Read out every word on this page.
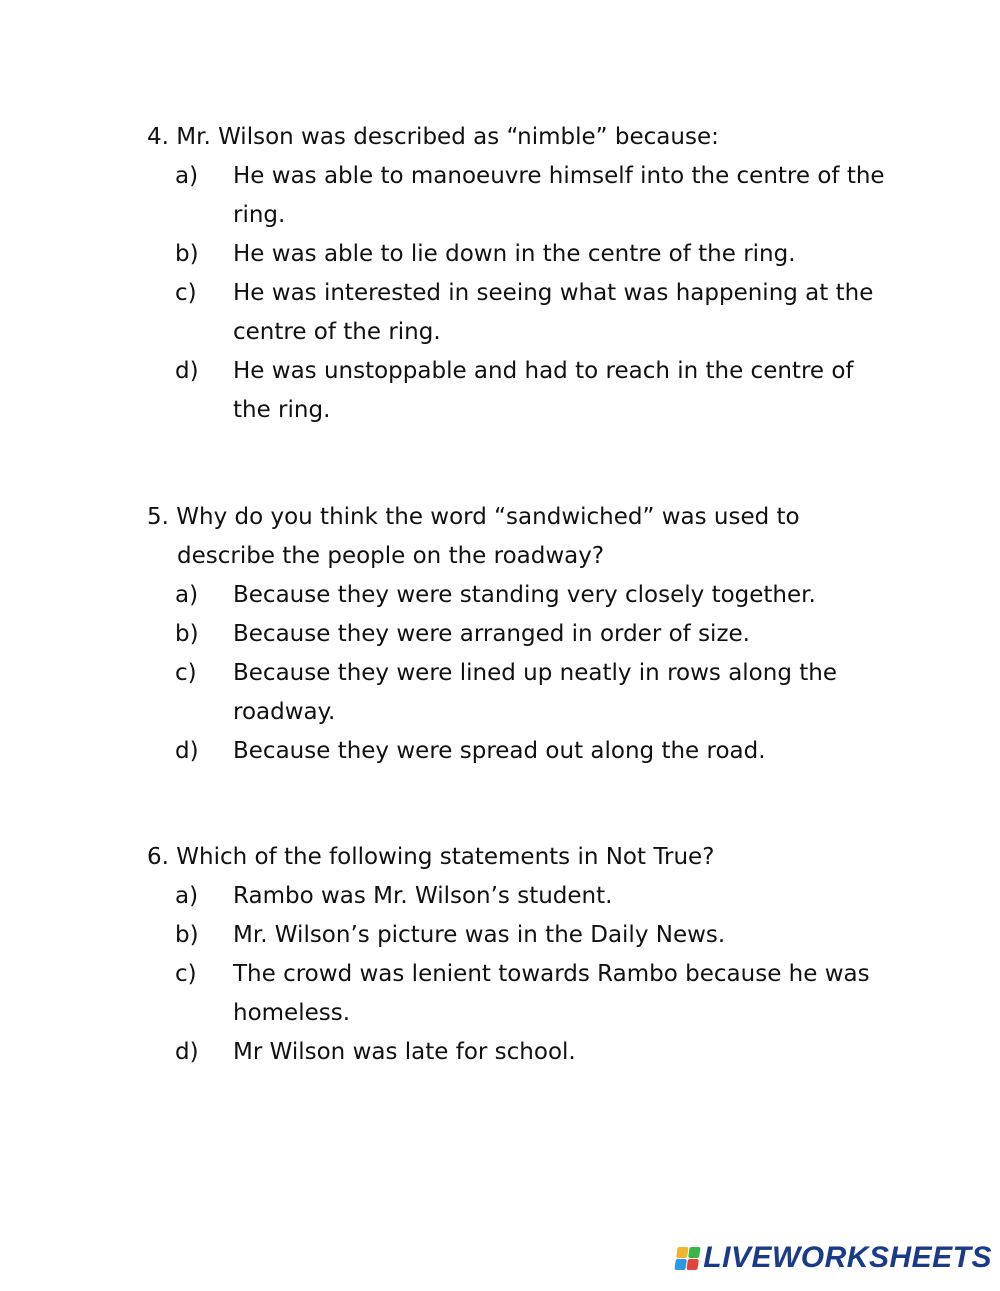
4. Mr. Wilson was described as “nimble” because:

a)	He was able to manoeuvre himself into the centre of the ring.
b)	He was able to lie down in the centre of the ring.
c)	He was interested in seeing what was happening at the centre of the ring.
d)	He was unstoppable and had to reach in the centre of the ring.

5. Why do you think the word “sandwiched” was used to describe the people on the roadway?

a)	Because they were standing very closely together.
b)	Because they were arranged in order of size.
c)	Because they were lined up neatly in rows along the roadway.
d)	Because they were spread out along the road.

6. Which of the following statements in Not True?

a)	Rambo was Mr. Wilson’s student.
b)	Mr. Wilson’s picture was in the Daily News.
c)	The crowd was lenient towards Rambo because he was homeless.
d)	Mr Wilson was late for school.
LIVEWORKSHEETS
